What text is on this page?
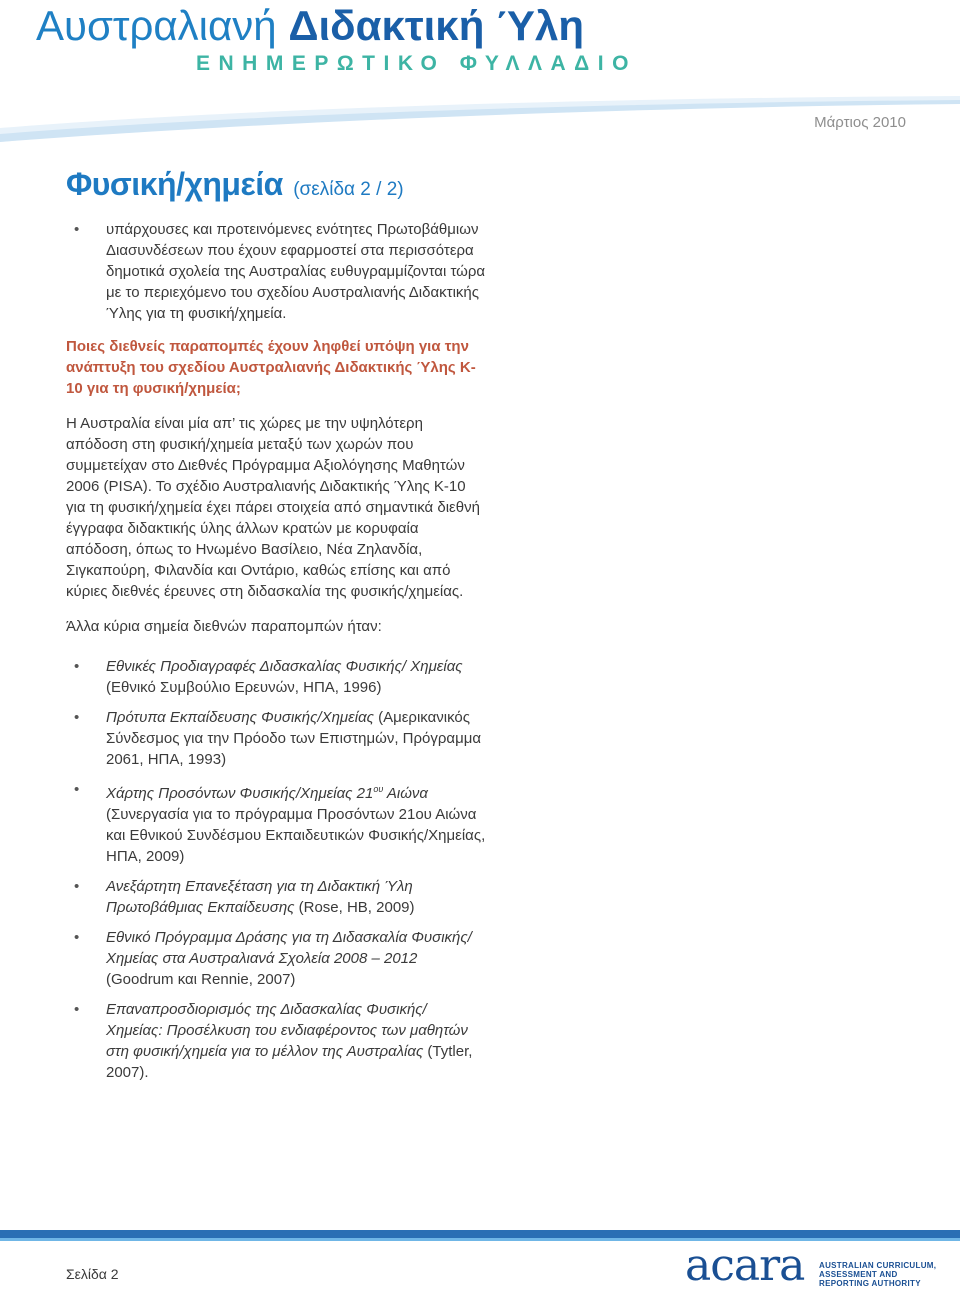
Αυστραλιανή Διδακτική Ύλη
ΕΝΗΜΕΡΩΤΙΚΟ ΦΥΛΛΑΔΙΟ
Μάρτιος 2010
Φυσική/χημεία (σελίδα 2 / 2)
• υπάρχουσες και προτεινόμενες ενότητες Πρωτοβάθμιων Διασυνδέσεων που έχουν εφαρμοστεί στα περισσότερα δημοτικά σχολεία της Αυστραλίας ευθυγραμμίζονται τώρα με το περιεχόμενο του σχεδίου Αυστραλιανής Διδακτικής Ύλης για τη φυσική/χημεία.
Ποιες διεθνείς παραπομπές έχουν ληφθεί υπόψη για την ανάπτυξη του σχεδίου Αυστραλιανής Διδακτικής Ύλης K-10 για τη φυσική/χημεία;
Η Αυστραλία είναι μία απ’ τις χώρες με την υψηλότερη απόδοση στη φυσική/χημεία μεταξύ των χωρών που συμμετείχαν στο Διεθνές Πρόγραμμα Αξιολόγησης Μαθητών 2006 (PISA). Το σχέδιο Αυστραλιανής Διδακτικής Ύλης K-10 για τη φυσική/χημεία έχει πάρει στοιχεία από σημαντικά διεθνή έγγραφα διδακτικής ύλης άλλων κρατών με κορυφαία απόδοση, όπως το Ηνωμένο Βασίλειο, Νέα Ζηλανδία, Σιγκαπούρη, Φιλανδία και Οντάριο, καθώς επίσης και από κύριες διεθνές έρευνες στη διδασκαλία της φυσικής/χημείας.
Άλλα κύρια σημεία διεθνών παραπομπών ήταν:
• Εθνικές Προδιαγραφές Διδασκαλίας Φυσικής/ Χημείας (Εθνικό Συμβούλιο Ερευνών, ΗΠΑ, 1996)
• Πρότυπα Εκπαίδευσης Φυσικής/Χημείας (Αμερικανικός Σύνδεσμος για την Πρόοδο των Επιστημών, Πρόγραμμα 2061, ΗΠΑ, 1993)
• Χάρτης Προσόντων Φυσικής/Χημείας $21^{o\upsilon}$ Αιώνα (Συνεργασία για το πρόγραμμα Προσόντων 21ου Αιώνα και Εθνικού Συνδέσμου Εκπαιδευτικών Φυσικής/Χημείας, ΗΠΑ, 2009)
• Ανεξάρτητη Επανεξέταση για τη Διδακτική Ύλη Πρωτοβάθμιας Εκπαίδευσης (Rose, HB, 2009)
• Εθνικό Πρόγραμμα Δράσης για τη Διδασκαλία Φυσικής/Χημείας στα Αυστραλιανά Σχολεία 2008 – 2012 (Goodrum και Rennie, 2007)
• Επαναπροσδιορισμός της Διδασκαλίας Φυσικής/ Χημείας: Προσέλκυση του ενδιαφέροντος των μαθητών στη φυσική/χημεία για το μέλλον της Αυστραλίας (Tytler, 2007).
Σελίδα 2	acara AUSTRALIAN CURRICULUM,
ASSESSMENT AND
REPORTING AUTHORITY
